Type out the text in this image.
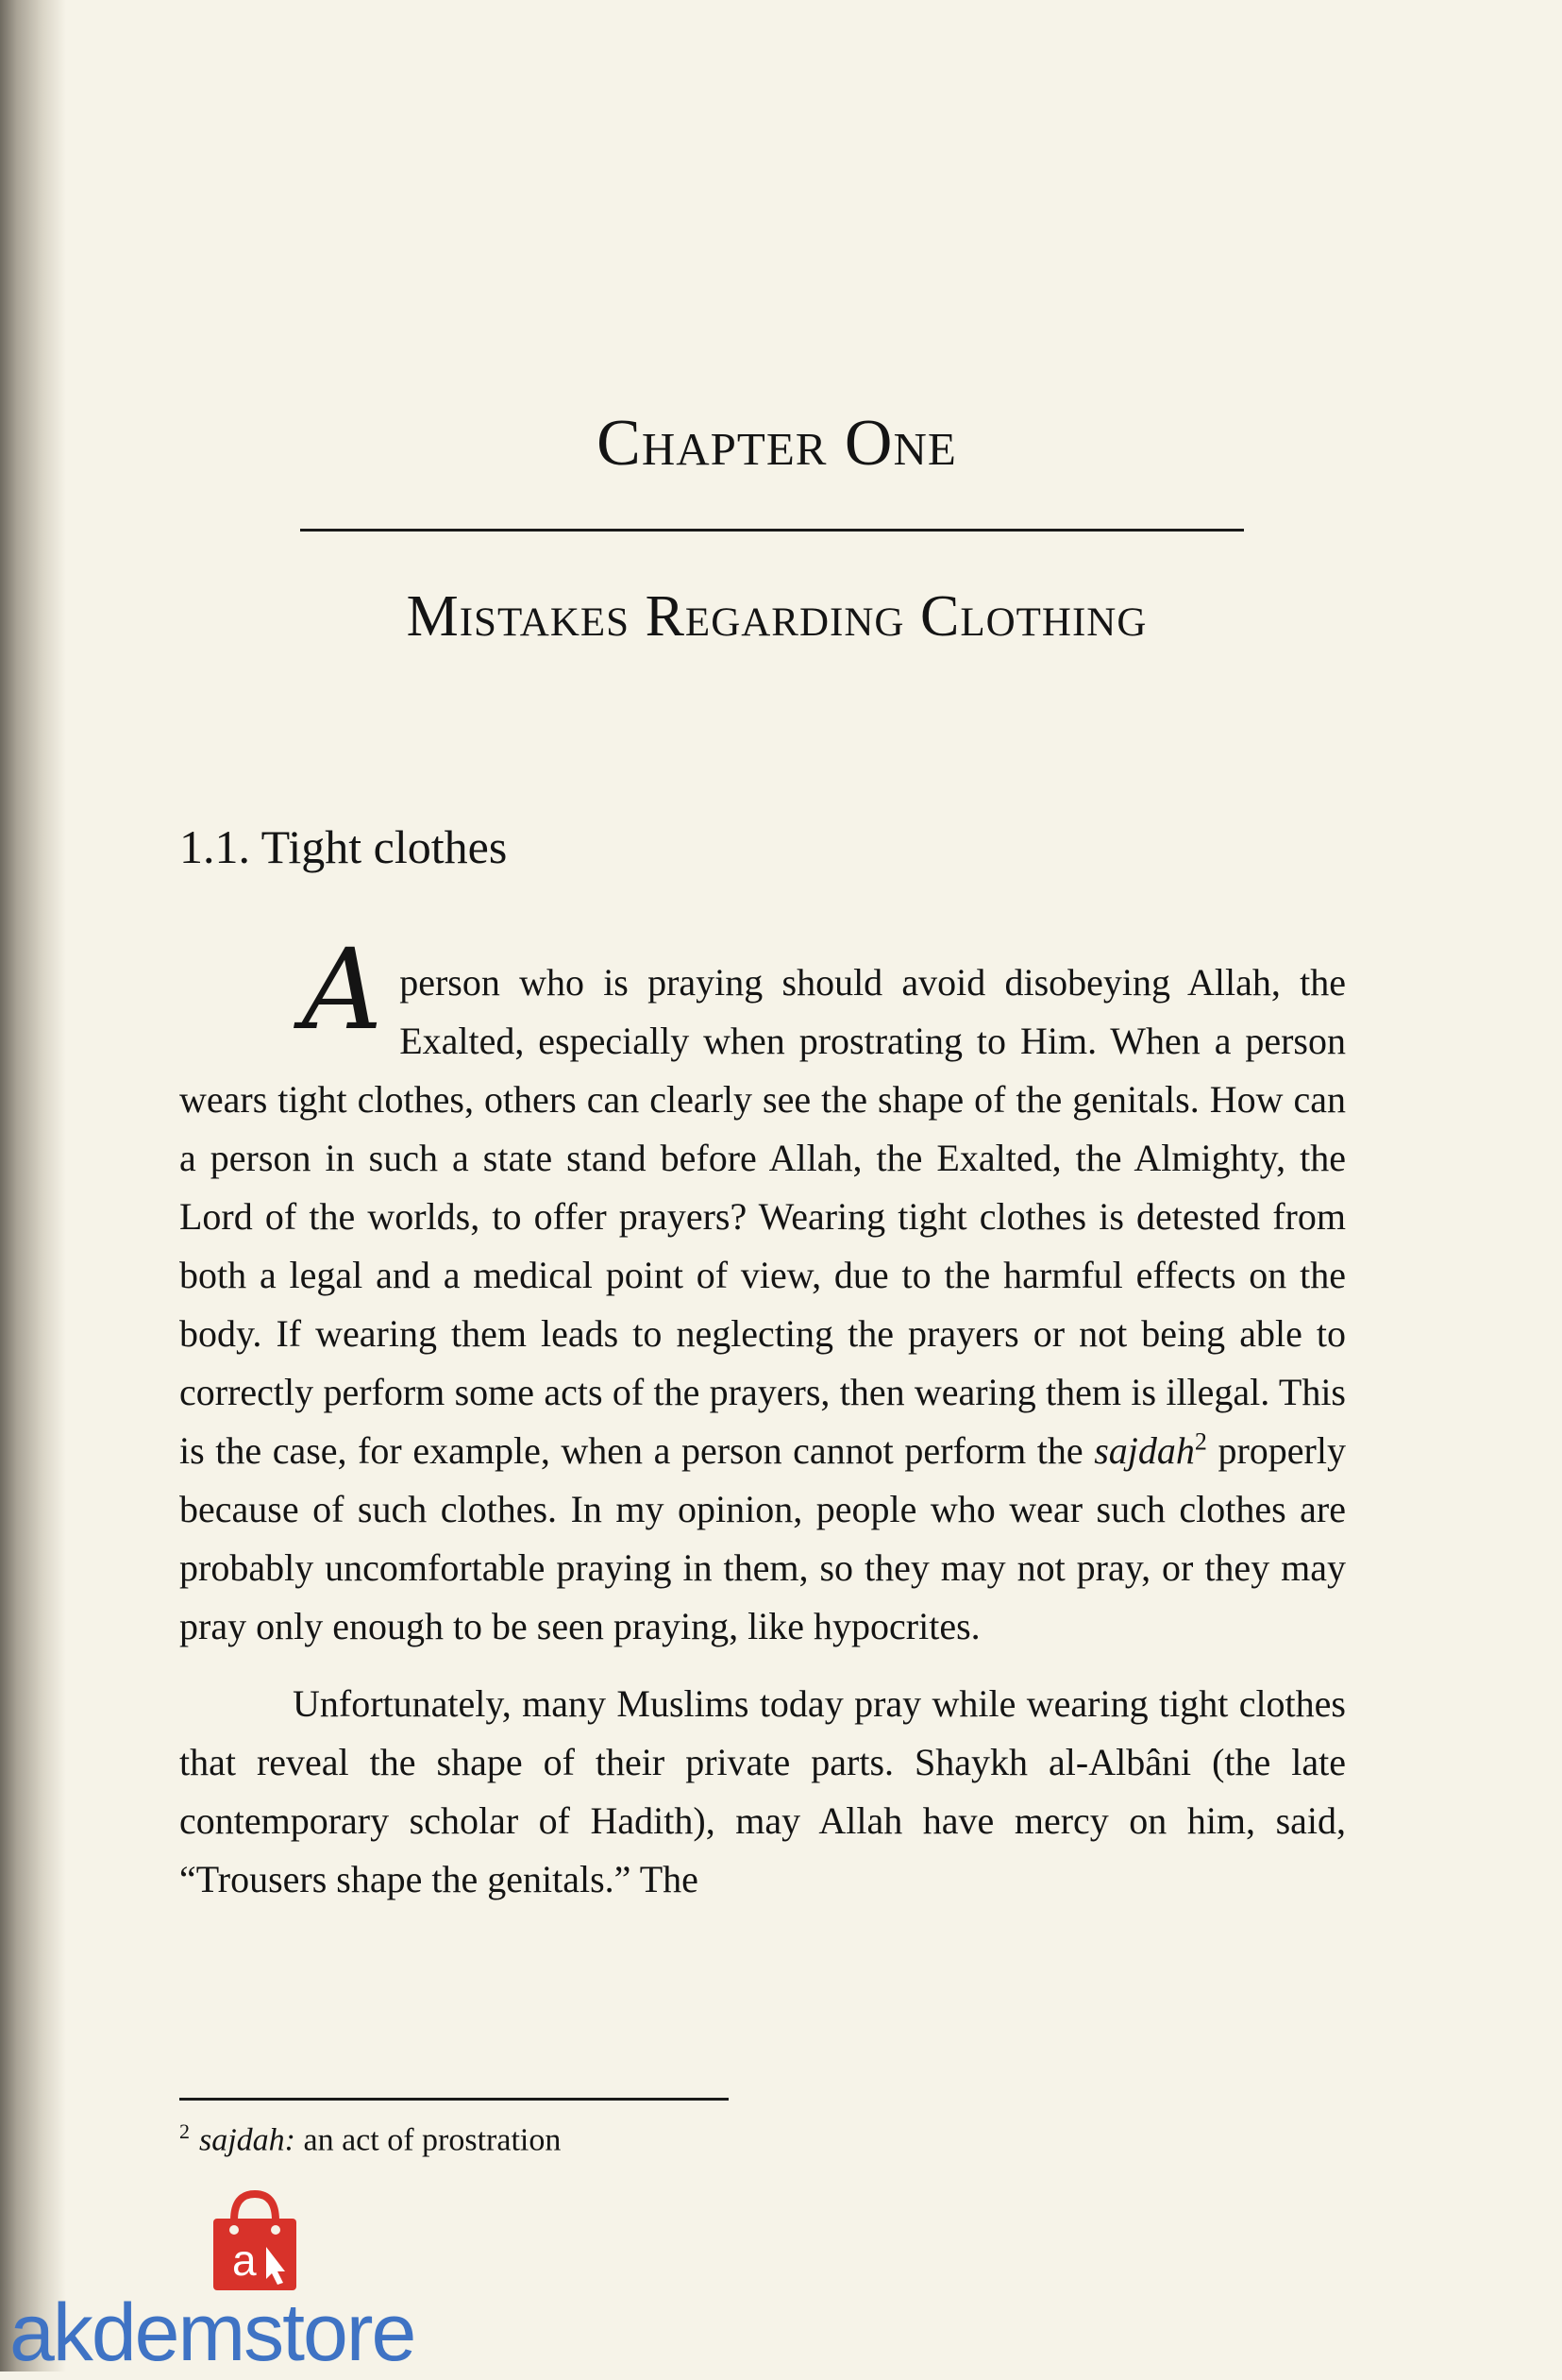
Chapter One
Mistakes Regarding Clothing
1.1. Tight clothes

Aperson who is praying should avoid disobeying Allah, the Exalted, especially when prostrating to Him. When a person wears tight clothes, others can clearly see the shape of the genitals. How can a person in such a state stand before Allah, the Exalted, the Almighty, the Lord of the worlds, to offer prayers? Wearing tight clothes is detested from both a legal and a medical point of view, due to the harmful effects on the body. If wearing them leads to neglecting the prayers or not being able to correctly perform some acts of the prayers, then wearing them is illegal. This is the case, for example, when a person cannot perform the sajdah$^2$ properly because of such clothes. In my opinion, people who wear such clothes are probably uncomfortable praying in them, so they may not pray, or they may pray only enough to be seen praying, like hypocrites.

Unfortunately, many Muslims today pray while wearing tight clothes that reveal the shape of their private parts. Shaykh al-Albâni (the late contemporary scholar of Hadith), may Allah have mercy on him, said, “Trousers shape the genitals.” The

$^2$ sajdah: an act of prostration
a
akdemstore
